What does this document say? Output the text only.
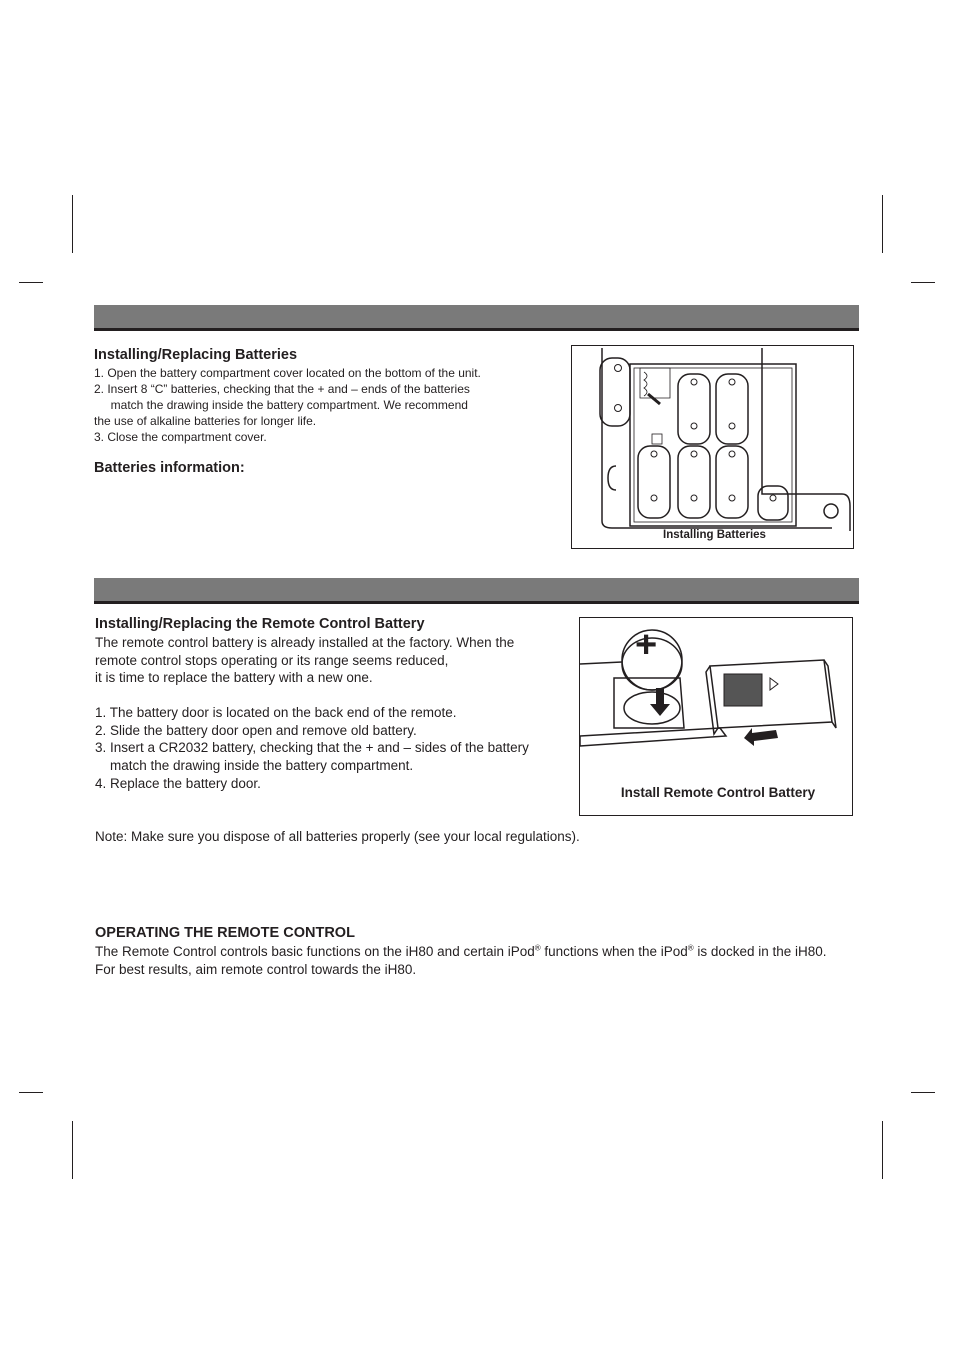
Installing/Replacing Batteries
1. Open the battery compartment cover located on the bottom of the unit.
2. Insert 8 “C” batteries, checking that the + and – ends of the batteries
match the drawing inside the battery compartment. We recommend
the use of alkaline batteries for longer life.
3. Close the compartment cover.
Batteries information:
Installing Batteries
Installing/Replacing the Remote Control Battery
The remote control battery is already installed at the factory. When the
remote control stops operating or its range seems reduced,
it is time to replace the battery with a new one.
1. The battery door is located on the back end of the remote.
2. Slide the battery door open and remove old battery.
3. Insert a CR2032 battery, checking that the + and – sides of the battery
match the drawing inside the battery compartment.
4. Replace the battery door.
+
Install Remote Control Battery
Note: Make sure you dispose of all batteries properly (see your local regulations).
OPERATING THE REMOTE CONTROL
The Remote Control controls basic functions on the iH80 and certain iPod® functions when the iPod® is docked in the iH80.
For best results, aim remote control towards the iH80.
